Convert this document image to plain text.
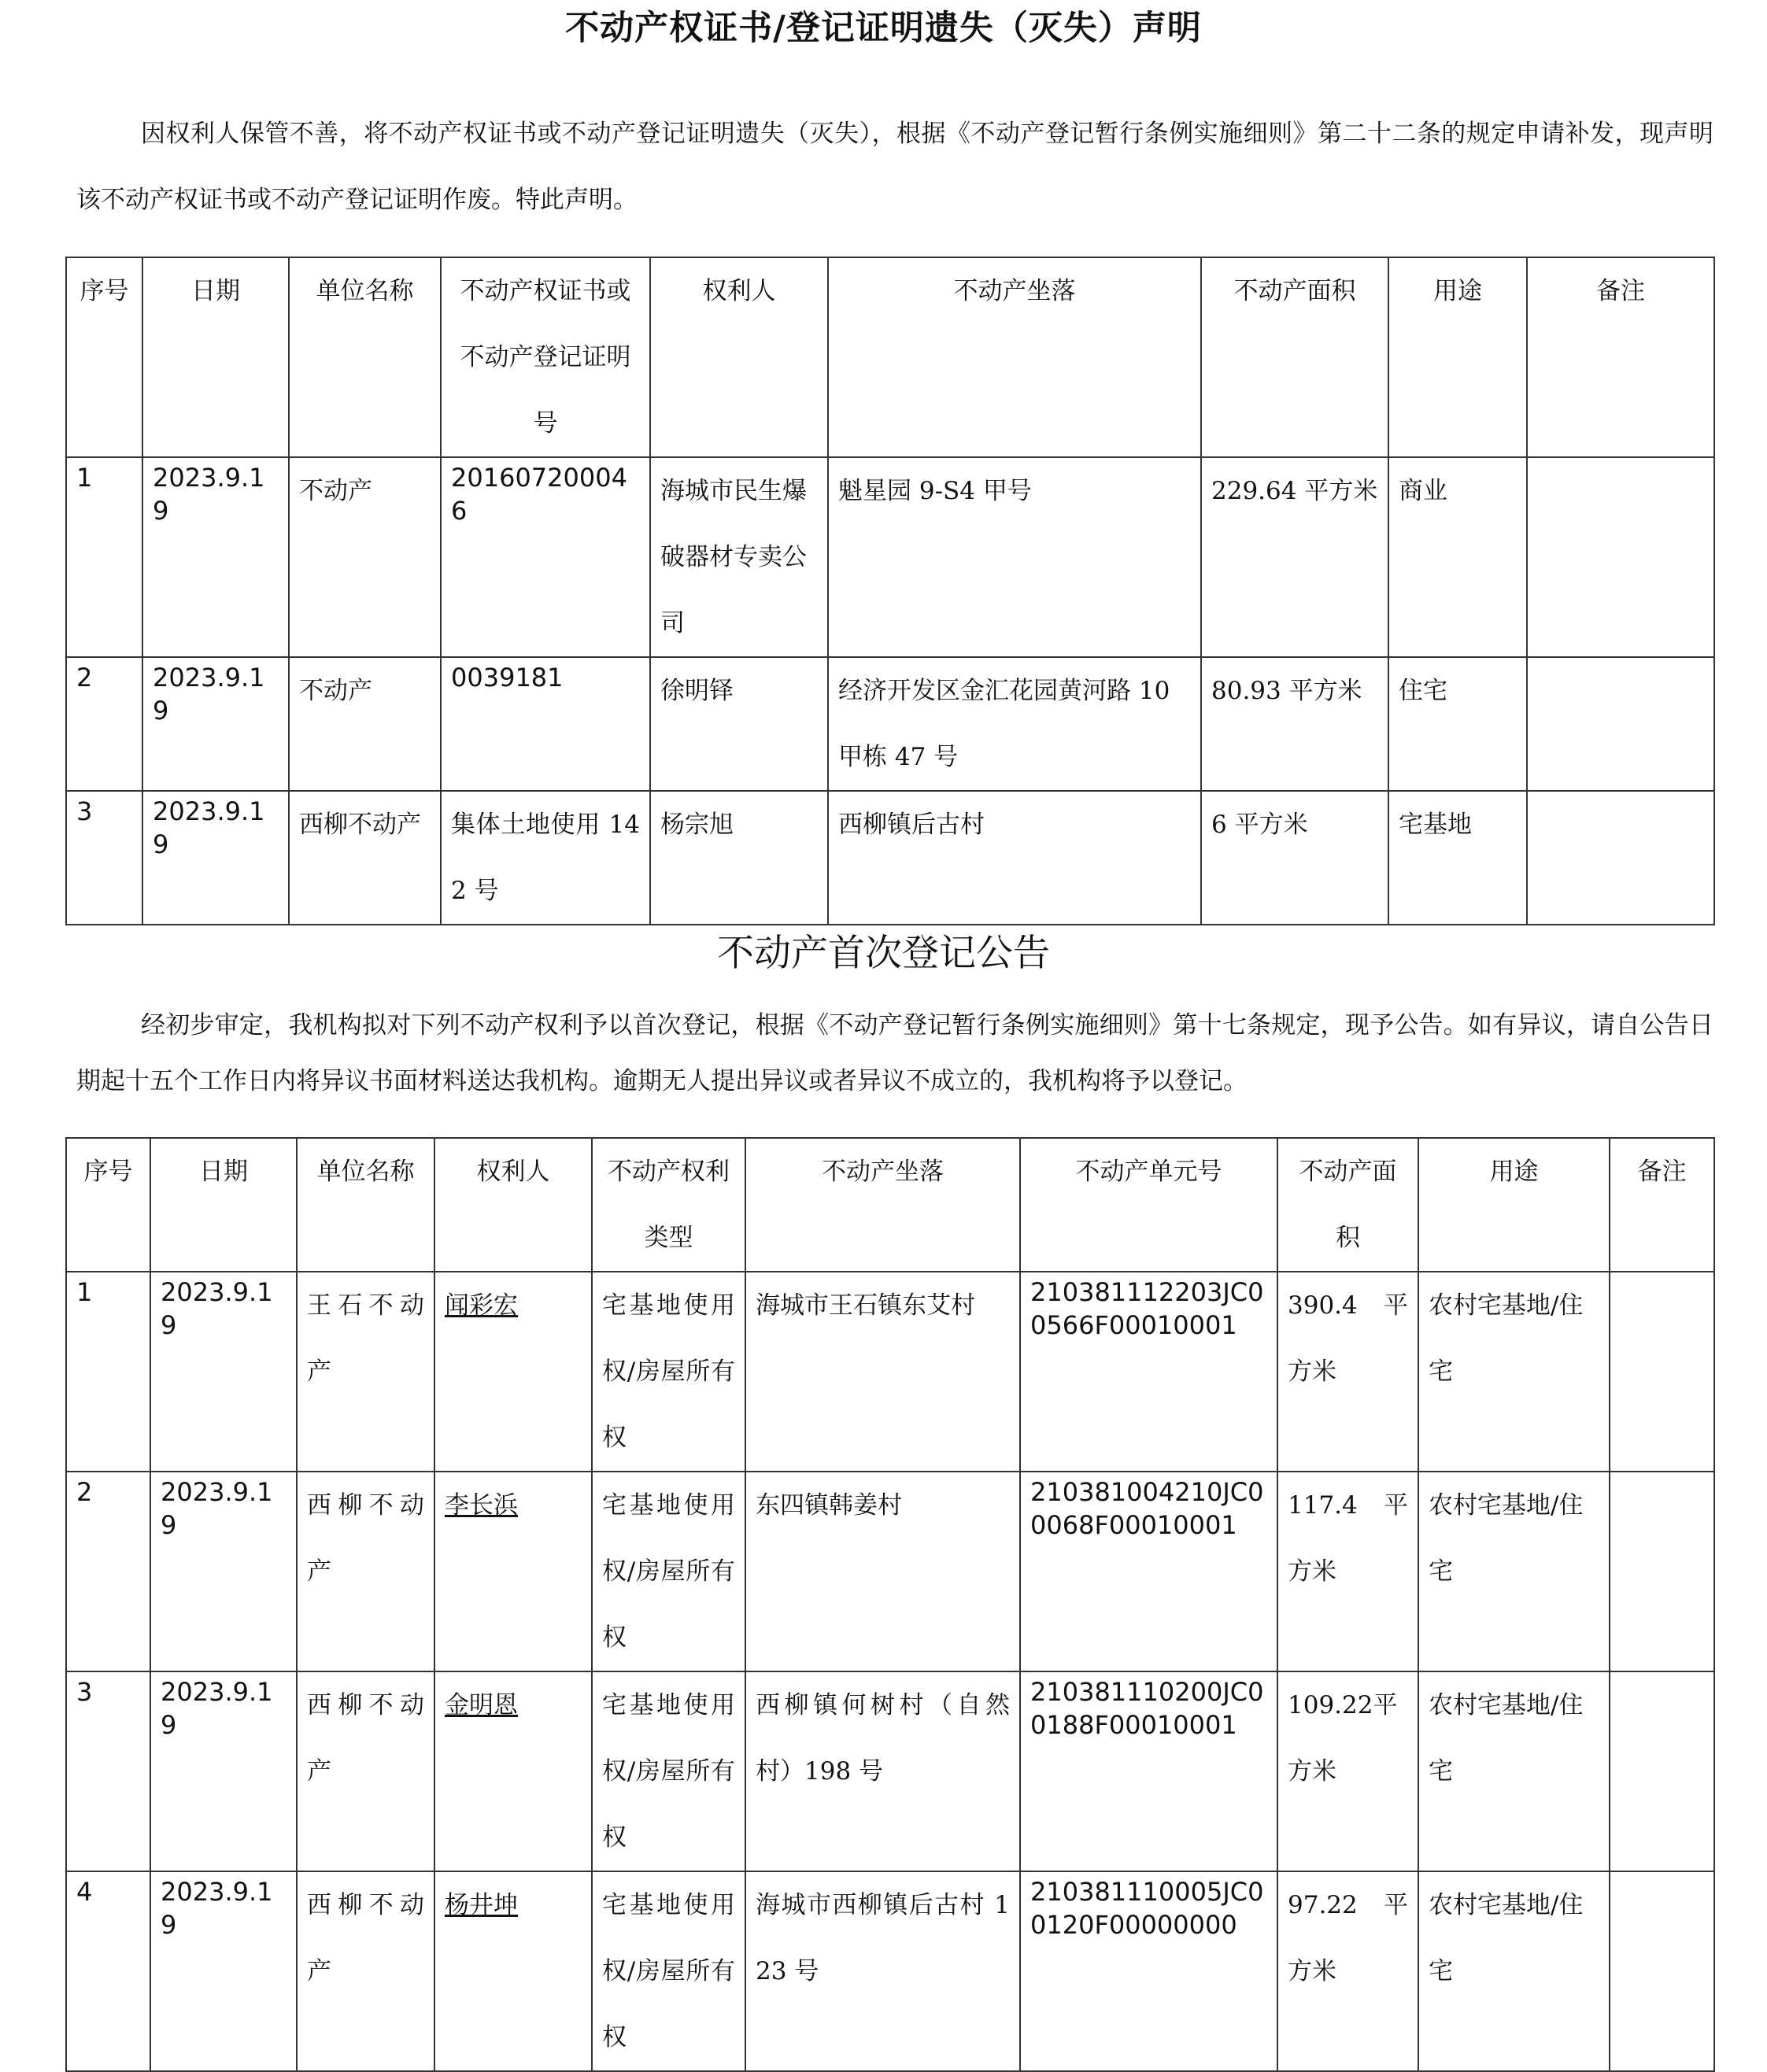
不动产权证书/登记证明遗失（灭失）声明

因权利人保管不善，将不动产权证书或不动产登记证明遗失（灭失），根据《不动产登记暂行条例实施细则》第二十二条的规定申请补发，现声明该不动产权证书或不动产登记证明作废。特此声明。

序号	日期	单位名称	不动产权证书或不动产登记证明号	权利人	不动产坐落	不动产面积	用途	备注
1	2023.9.19	不动产	201607200046	海城市民生爆破器材专卖公司	魁星园 9-S4 甲号	229.64 平方米	商业	
2	2023.9.19	不动产	0039181	徐明铎	经济开发区金汇花园黄河路 10 甲栋 47 号	80.93 平方米	住宅	
3	2023.9.19	西柳不动产	集体土地使用 142 号	杨宗旭	西柳镇后古村	6 平方米	宅基地	
不动产首次登记公告

经初步审定，我机构拟对下列不动产权利予以首次登记，根据《不动产登记暂行条例实施细则》第十七条规定，现予公告。如有异议，请自公告日期起十五个工作日内将异议书面材料送达我机构。逾期无人提出异议或者异议不成立的，我机构将予以登记。

序号	日期	单位名称	权利人	不动产权利类型	不动产坐落	不动产单元号	不动产面积	用途	备注
1	2023.9.19	王石不动产	闻彩宏	宅基地使用权/房屋所有权	海城市王石镇东艾村	210381112203JC00566F00010001	390.4 平方米	农村宅基地/住宅	
2	2023.9.19	西柳不动产	李长浜	宅基地使用权/房屋所有权	东四镇韩姜村	210381004210JC00068F00010001	117.4 平方米	农村宅基地/住宅	
3	2023.9.19	西柳不动产	金明恩	宅基地使用权/房屋所有权	西柳镇何树村（自然村）198 号	210381110200JC00188F00010001	109.22平方米	农村宅基地/住宅	
4	2023.9.19	西柳不动产	杨井坤	宅基地使用权/房屋所有权	海城市西柳镇后古村 123 号	210381110005JC00120F00000000	97.22 平方米	农村宅基地/住宅	
